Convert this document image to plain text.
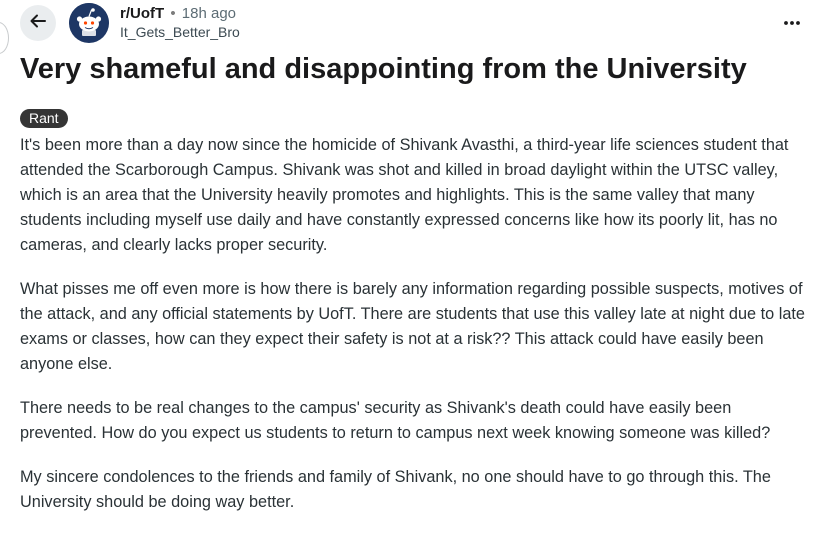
r/UofT • 18h ago
It_Gets_Better_Bro
Very shameful and disappointing from the University
Rant

It's been more than a day now since the homicide of Shivank Avasthi, a third-year life sciences student that attended the Scarborough Campus. Shivank was shot and killed in broad daylight within the UTSC valley, which is an area that the University heavily promotes and highlights. This is the same valley that many students including myself use daily and have constantly expressed concerns like how its poorly lit, has no cameras, and clearly lacks proper security.

What pisses me off even more is how there is barely any information regarding possible suspects, motives of the attack, and any official statements by UofT. There are students that use this valley late at night due to late exams or classes, how can they expect their safety is not at a risk?? This attack could have easily been anyone else.

There needs to be real changes to the campus' security as Shivank's death could have easily been prevented. How do you expect us students to return to campus next week knowing someone was killed?

My sincere condolences to the friends and family of Shivank, no one should have to go through this. The University should be doing way better.
